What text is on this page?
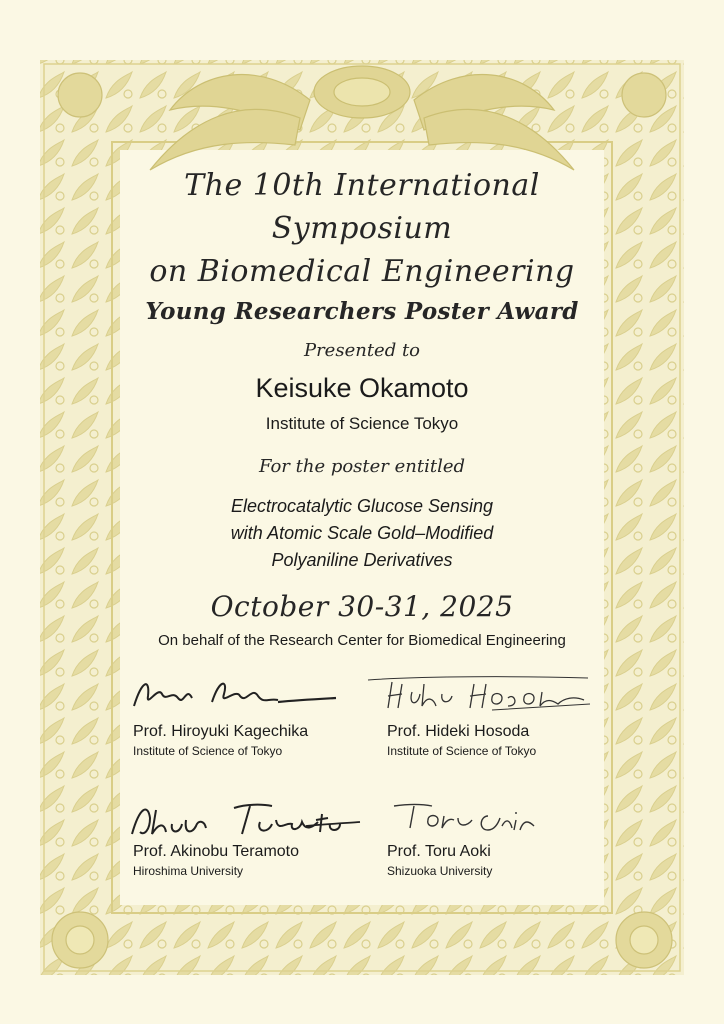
The 10th International

Symposium

on Biomedical Engineering

Young Researchers Poster Award

Presented to

Keisuke Okamoto

Institute of Science Tokyo

For the poster entitled

Electrocatalytic Glucose Sensing

with Atomic Scale Gold–Modified

Polyaniline Derivatives

October 30-31, 2025

On behalf of the Research Center for Biomedical Engineering

Prof. Hiroyuki Kagechika

Institute of Science of Tokyo

Prof. Hideki Hosoda

Institute of Science of Tokyo

Prof. Akinobu Teramoto

Hiroshima University

Prof. Toru Aoki

Shizuoka University
